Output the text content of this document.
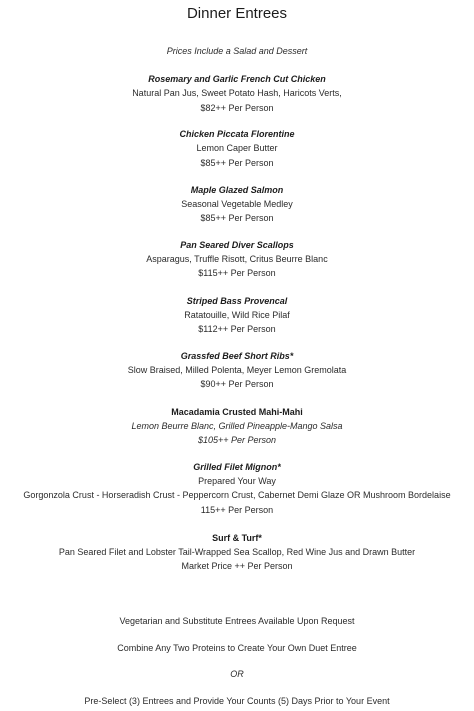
Dinner Entrees
Prices Include a Salad and Dessert
Rosemary and Garlic French Cut Chicken
Natural Pan Jus, Sweet Potato Hash, Haricots Verts,
$82++ Per Person
Chicken Piccata Florentine
Lemon Caper Butter
$85++ Per Person
Maple Glazed Salmon
Seasonal Vegetable Medley
$85++ Per Person
Pan Seared Diver Scallops
Asparagus, Truffle Risott, Critus Beurre Blanc
$115++ Per Person
Striped Bass Provencal
Ratatouille, Wild Rice Pilaf
$112++ Per Person
Grassfed Beef Short Ribs*
Slow Braised, Milled Polenta, Meyer Lemon Gremolata
$90++ Per Person
Macadamia Crusted Mahi-Mahi
Lemon Beurre Blanc, Grilled Pineapple-Mango Salsa
$105++ Per Person
Grilled Filet Mignon*
Prepared Your Way
Gorgonzola Crust - Horseradish Crust - Peppercorn Crust, Cabernet Demi Glaze OR Mushroom Bordelaise
115++ Per Person
Surf & Turf*
Pan Seared Filet and Lobster Tail-Wrapped Sea Scallop, Red Wine Jus and Drawn Butter
Market Price ++ Per Person
Vegetarian and Substitute Entrees Available Upon Request
Combine Any Two Proteins to Create Your Own Duet Entree
OR
Pre-Select (3) Entrees and Provide Your Counts (5) Days Prior to Your Event
